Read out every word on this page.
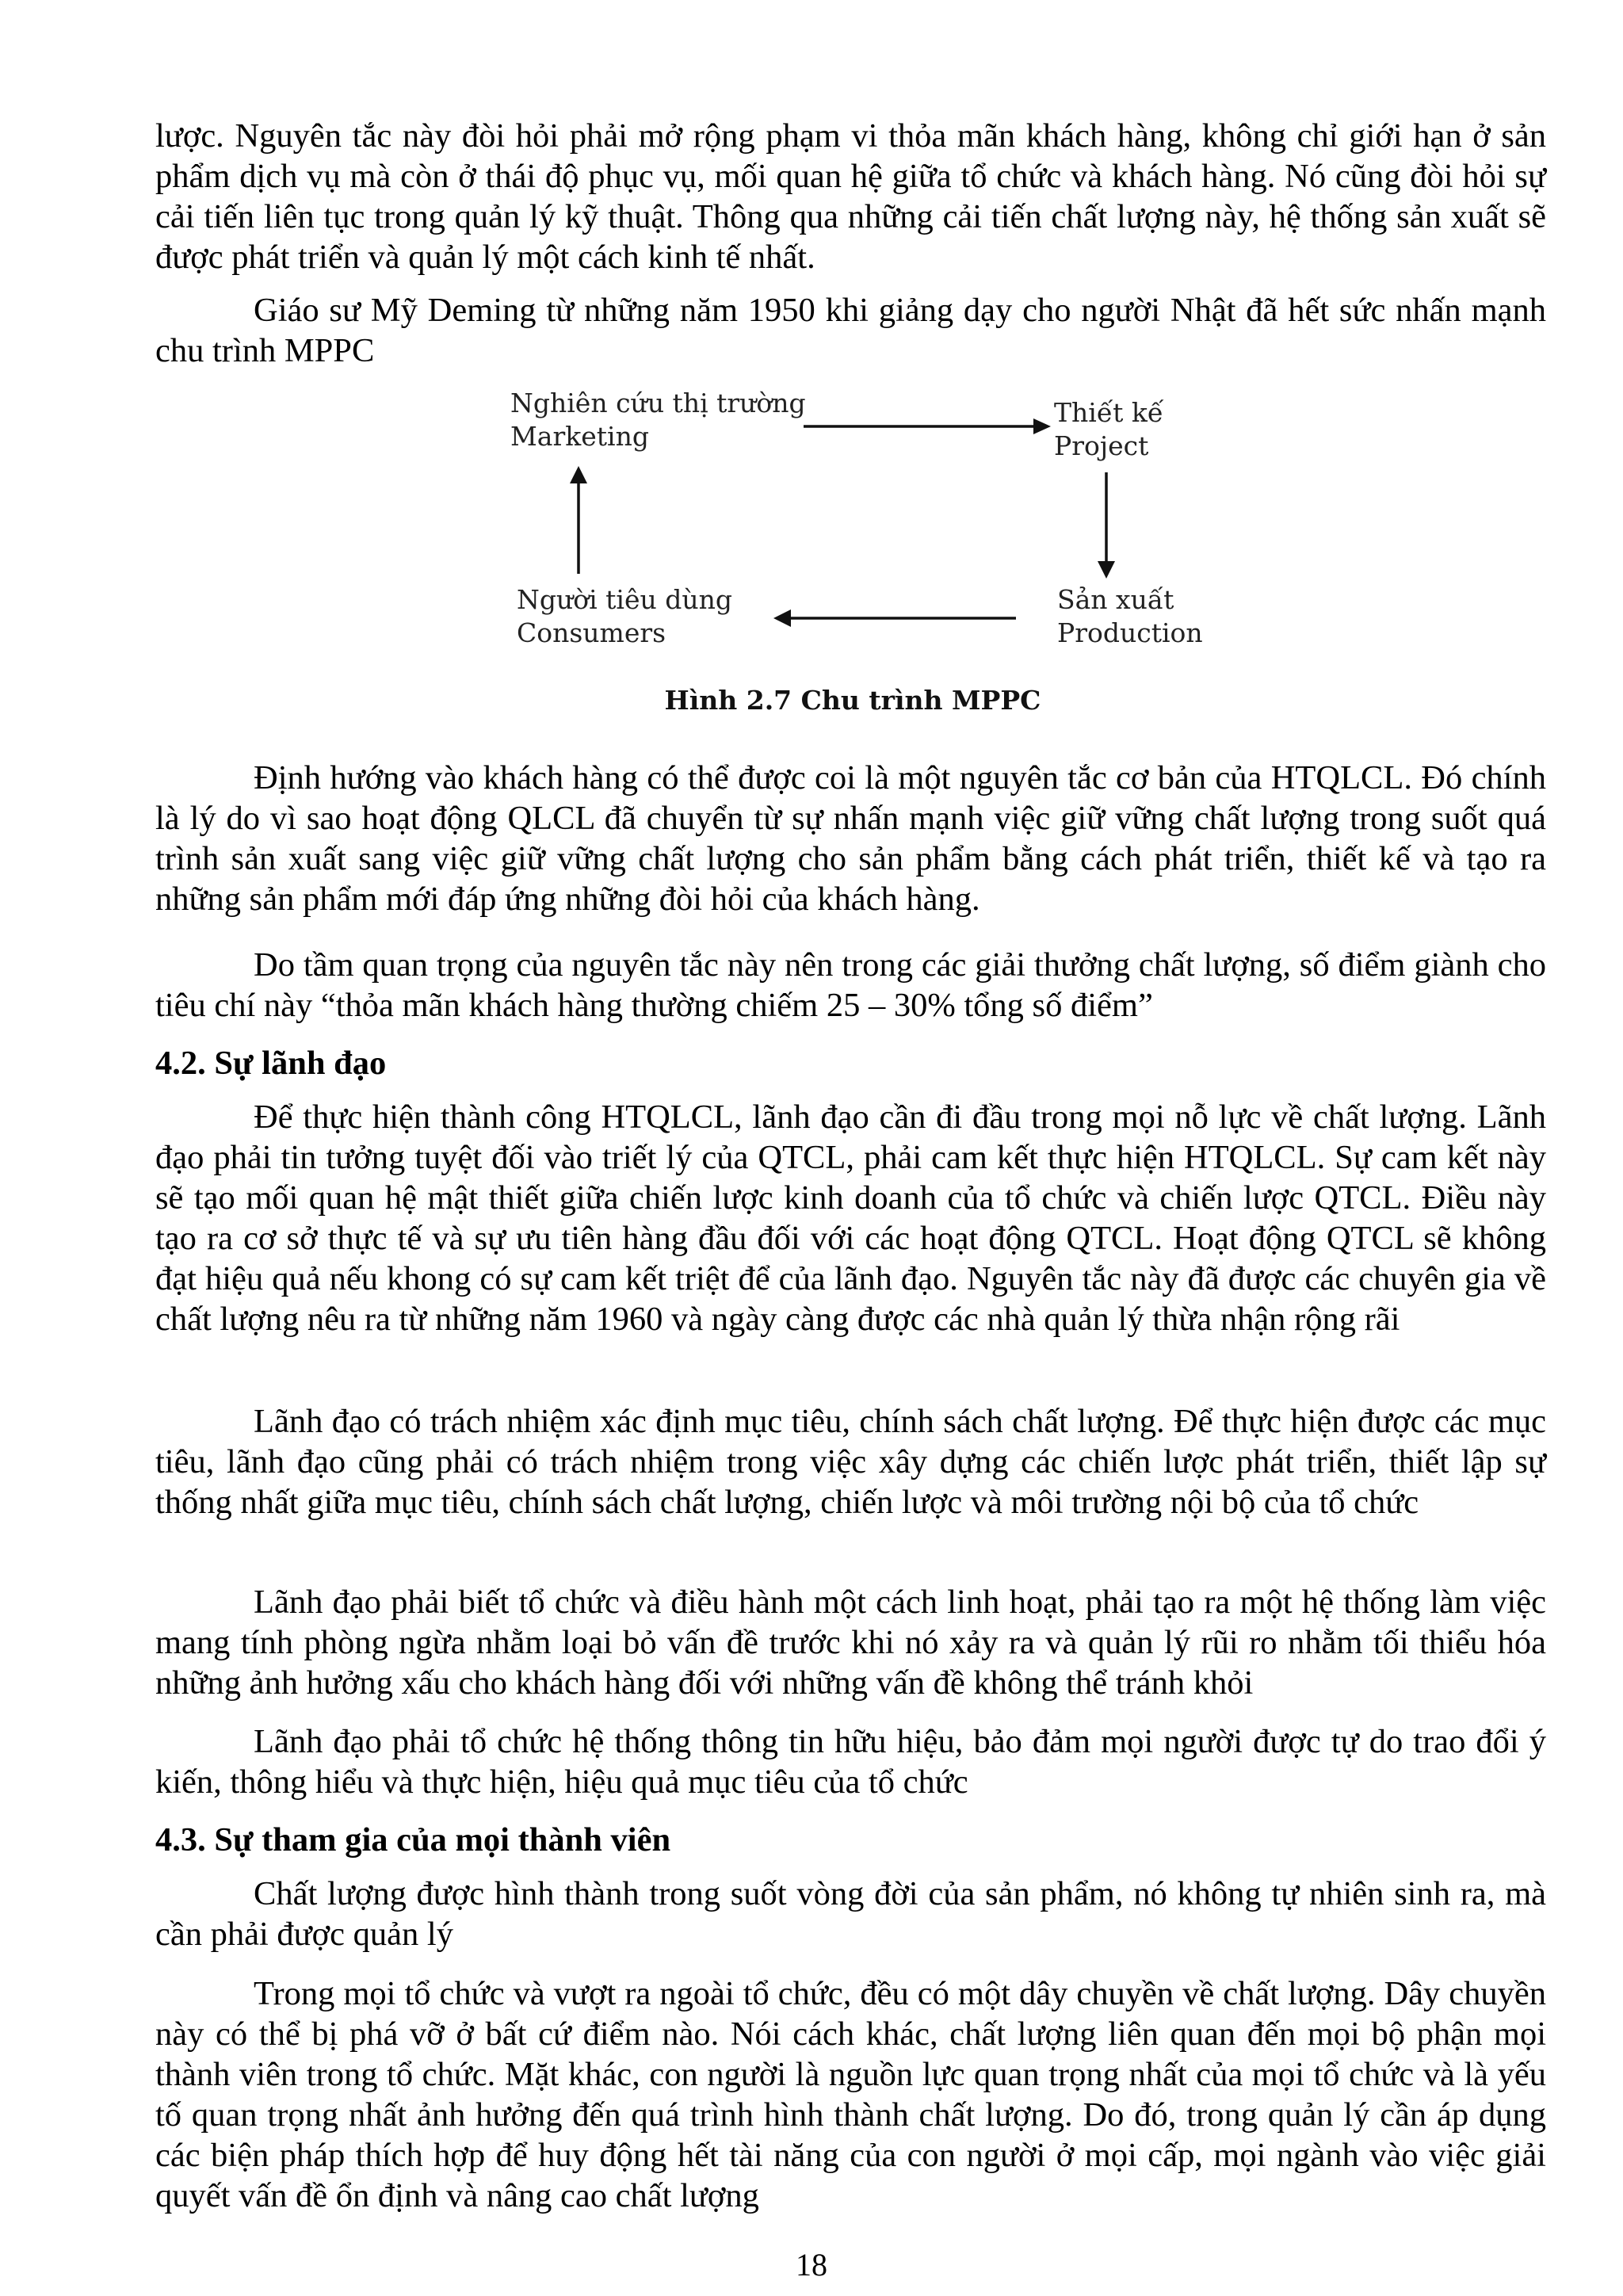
lược. Nguyên tắc này đòi hỏi phải mở rộng phạm vi thỏa mãn khách hàng, không chỉ giới hạn ở sản phẩm dịch vụ mà còn ở thái độ phục vụ, mối quan hệ giữa tổ chức và khách hàng. Nó cũng đòi hỏi sự cải tiến liên tục trong quản lý kỹ thuật. Thông qua những cải tiến chất lượng này, hệ thống sản xuất sẽ được phát triển và quản lý một cách kinh tế nhất.

Giáo sư Mỹ Deming từ những năm 1950 khi giảng dạy cho người Nhật đã hết sức nhấn mạnh chu trình MPPC

Nghiên cứu thị trường
Marketing
Thiết kế
Project
Sản xuất
Production
Người tiêu dùng
Consumers
Hình 2.7 Chu trình MPPC

Định hướng vào khách hàng có thể được coi là một nguyên tắc cơ bản của HTQLCL. Đó chính là lý do vì sao hoạt động QLCL đã chuyển từ sự nhấn mạnh việc giữ vững chất lượng trong suốt quá trình sản xuất sang việc giữ vững chất lượng cho sản phẩm bằng cách phát triển, thiết kế và tạo ra những sản phẩm mới đáp ứng những đòi hỏi của khách hàng.

Do tầm quan trọng của nguyên tắc này nên trong các giải thưởng chất lượng, số điểm giành cho tiêu chí này “thỏa mãn khách hàng thường chiếm 25 – 30% tổng số điểm”

4.2. Sự lãnh đạo

Để thực hiện thành công HTQLCL, lãnh đạo cần đi đầu trong mọi nỗ lực về chất lượng. Lãnh đạo phải tin tưởng tuyệt đối vào triết lý của QTCL, phải cam kết thực hiện HTQLCL. Sự cam kết này sẽ tạo mối quan hệ mật thiết giữa chiến lược kinh doanh của tổ chức và chiến lược QTCL. Điều này tạo ra cơ sở thực tế và sự ưu tiên hàng đầu đối với các hoạt động QTCL. Hoạt động QTCL sẽ không đạt hiệu quả nếu khong có sự cam kết triệt để của lãnh đạo. Nguyên tắc này đã được các chuyên gia về chất lượng nêu ra từ những năm 1960 và ngày càng được các nhà quản lý thừa nhận rộng rãi

Lãnh đạo có trách nhiệm xác định mục tiêu, chính sách chất lượng. Để thực hiện được các mục tiêu, lãnh đạo cũng phải có trách nhiệm trong việc xây dựng các chiến lược phát triển, thiết lập sự thống nhất giữa mục tiêu, chính sách chất lượng, chiến lược và môi trường nội bộ của tổ chức

Lãnh đạo phải biết tổ chức và điều hành một cách linh hoạt, phải tạo ra một hệ thống làm việc mang tính phòng ngừa nhằm loại bỏ vấn đề trước khi nó xảy ra và quản lý rũi ro nhằm tối thiểu hóa những ảnh hưởng xấu cho khách hàng đối với những vấn đề không thể tránh khỏi

Lãnh đạo phải tổ chức hệ thống thông tin hữu hiệu, bảo đảm mọi người được tự do trao đổi ý kiến, thông hiểu và thực hiện, hiệu quả mục tiêu của tổ chức

4.3. Sự tham gia của mọi thành viên

Chất lượng được hình thành trong suốt vòng đời của sản phẩm, nó không tự nhiên sinh ra, mà cần phải được quản lý

Trong mọi tổ chức và vượt ra ngoài tổ chức, đều có một dây chuyền về chất lượng. Dây chuyền này có thể bị phá vỡ ở bất cứ điểm nào. Nói cách khác, chất lượng liên quan đến mọi bộ phận mọi thành viên trong tổ chức. Mặt khác, con người là nguồn lực quan trọng nhất của mọi tổ chức và là yếu tố quan trọng nhất ảnh hưởng đến quá trình hình thành chất lượng. Do đó, trong quản lý cần áp dụng các biện pháp thích hợp để huy động hết tài năng của con người ở mọi cấp, mọi ngành vào việc giải quyết vấn đề ổn định và nâng cao chất lượng

18
